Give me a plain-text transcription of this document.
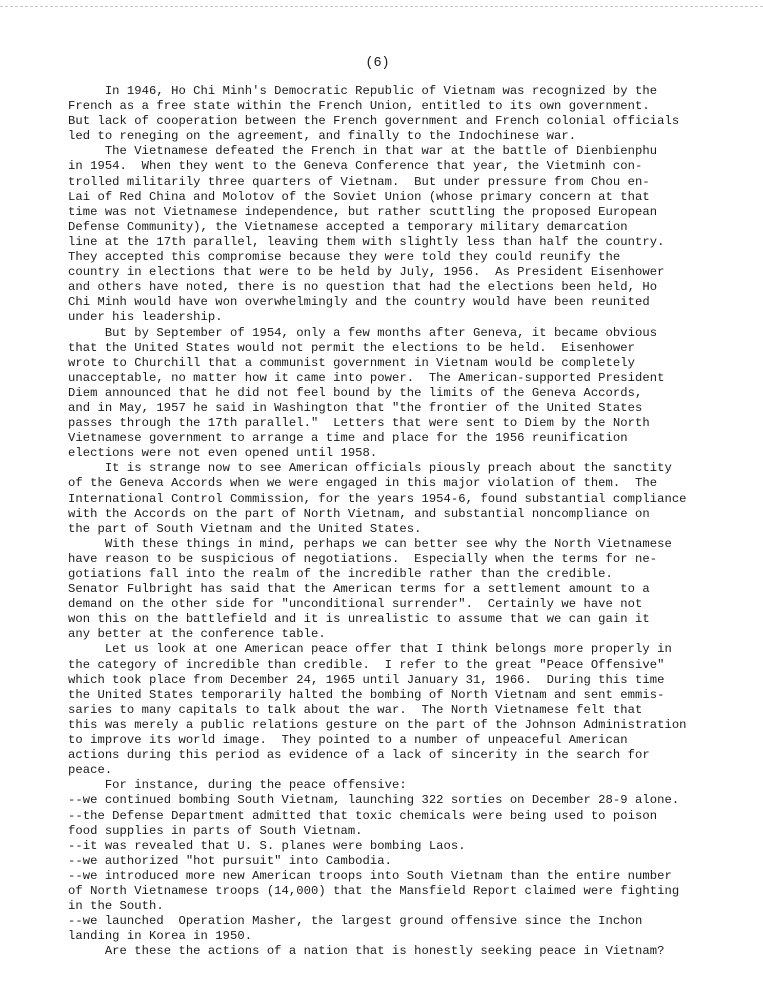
(6)
In 1946, Ho Chi Minh's Democratic Republic of Vietnam was recognized by the
French as a free state within the French Union, entitled to its own government.
But lack of cooperation between the French government and French colonial officials
led to reneging on the agreement, and finally to the Indochinese war.
The Vietnamese defeated the French in that war at the battle of Dienbienphu
in 1954.  When they went to the Geneva Conference that year, the Vietminh con-
trolled militarily three quarters of Vietnam.  But under pressure from Chou en-
Lai of Red China and Molotov of the Soviet Union (whose primary concern at that
time was not Vietnamese independence, but rather scuttling the proposed European
Defense Community), the Vietnamese accepted a temporary military demarcation
line at the 17th parallel, leaving them with slightly less than half the country.
They accepted this compromise because they were told they could reunify the
country in elections that were to be held by July, 1956.  As President Eisenhower
and others have noted, there is no question that had the elections been held, Ho
Chi Minh would have won overwhelmingly and the country would have been reunited
under his leadership.
But by September of 1954, only a few months after Geneva, it became obvious
that the United States would not permit the elections to be held.  Eisenhower
wrote to Churchill that a communist government in Vietnam would be completely
unacceptable, no matter how it came into power.  The American-supported President
Diem announced that he did not feel bound by the limits of the Geneva Accords,
and in May, 1957 he said in Washington that "the frontier of the United States
passes through the 17th parallel."  Letters that were sent to Diem by the North
Vietnamese government to arrange a time and place for the 1956 reunification
elections were not even opened until 1958.
It is strange now to see American officials piously preach about the sanctity
of the Geneva Accords when we were engaged in this major violation of them.  The
International Control Commission, for the years 1954-6, found substantial compliance
with the Accords on the part of North Vietnam, and substantial noncompliance on
the part of South Vietnam and the United States.
With these things in mind, perhaps we can better see why the North Vietnamese
have reason to be suspicious of negotiations.  Especially when the terms for ne-
gotiations fall into the realm of the incredible rather than the credible.
Senator Fulbright has said that the American terms for a settlement amount to a
demand on the other side for "unconditional surrender".  Certainly we have not
won this on the battlefield and it is unrealistic to assume that we can gain it
any better at the conference table.
Let us look at one American peace offer that I think belongs more properly in
the category of incredible than credible.  I refer to the great "Peace Offensive"
which took place from December 24, 1965 until January 31, 1966.  During this time
the United States temporarily halted the bombing of North Vietnam and sent emmis-
saries to many capitals to talk about the war.  The North Vietnamese felt that
this was merely a public relations gesture on the part of the Johnson Administration
to improve its world image.  They pointed to a number of unpeaceful American
actions during this period as evidence of a lack of sincerity in the search for
peace.
For instance, during the peace offensive:
--we continued bombing South Vietnam, launching 322 sorties on December 28-9 alone.
--the Defense Department admitted that toxic chemicals were being used to poison
food supplies in parts of South Vietnam.
--it was revealed that U. S. planes were bombing Laos.
--we authorized "hot pursuit" into Cambodia.
--we introduced more new American troops into South Vietnam than the entire number
of North Vietnamese troops (14,000) that the Mansfield Report claimed were fighting
in the South.
--we launched  Operation Masher, the largest ground offensive since the Inchon
landing in Korea in 1950.
Are these the actions of a nation that is honestly seeking peace in Vietnam?
